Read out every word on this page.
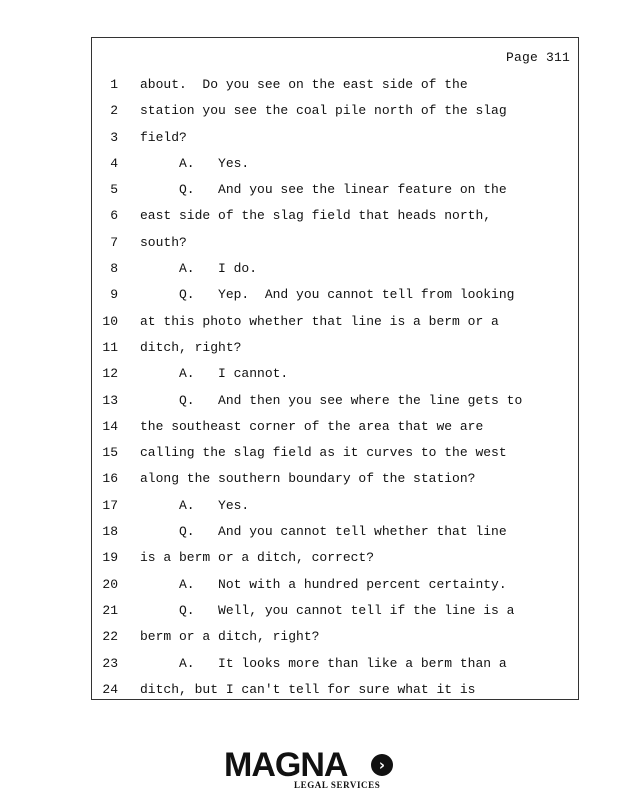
Page 311
1 about.  Do you see on the east side of the
2 station you see the coal pile north of the slag
3 field?
4 A.   Yes.
5 Q.   And you see the linear feature on the
6 east side of the slag field that heads north,
7 south?
8 A.   I do.
9 Q.   Yep.  And you cannot tell from looking
10 at this photo whether that line is a berm or a
11 ditch, right?
12 A.   I cannot.
13 Q.   And then you see where the line gets to
14 the southeast corner of the area that we are
15 calling the slag field as it curves to the west
16 along the southern boundary of the station?
17 A.   Yes.
18 Q.   And you cannot tell whether that line
19 is a berm or a ditch, correct?
20 A.   Not with a hundred percent certainty.
21 Q.   Well, you cannot tell if the line is a
22 berm or a ditch, right?
23 A.   It looks more than like a berm than a
24 ditch, but I can't tell for sure what it is
MAGNA	›
LEGAL SERVICES
